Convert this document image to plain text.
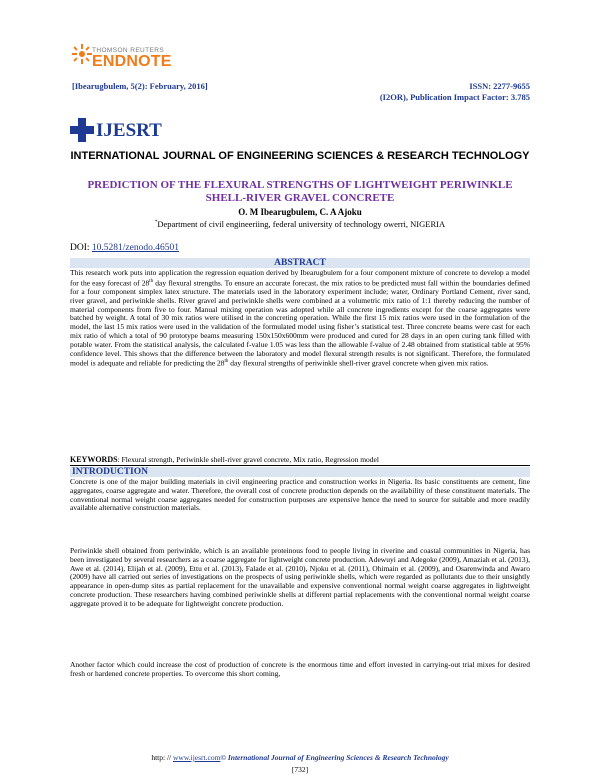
THOMSON REUTERS
ENDNOTE
[Ibearugbulem, 5(2): February, 2016]	ISSN: 2277-9655
(I2OR), Publication Impact Factor: 3.785
IJESRT
INTERNATIONAL JOURNAL OF ENGINEERING SCIENCES & RESEARCH TECHNOLOGY
PREDICTION OF THE FLEXURAL STRENGTHS OF LIGHTWEIGHT PERIWINKLE SHELL-RIVER GRAVEL CONCRETE
O. M Ibearugbulem, C. A Ajoku
*Department of civil engineeriing, federal university of technology owerri, NIGERIA
DOI: 10.5281/zenodo.46501
ABSTRACT
This research work puts into application the regression equation derived by Ibearugbulem for a four component mixture of concrete to develop a model for the easy forecast of 28th day flexural strengths. To ensure an accurate forecast, the mix ratios to be predicted must fall within the boundaries defined for a four component simplex latex structure. The materials used in the laboratory experiment include; water, Ordinary Portland Cement, river sand, river gravel, and periwinkle shells. River gravel and periwinkle shells were combined at a volumetric mix ratio of 1:1 thereby reducing the number of material components from five to four. Manual mixing operation was adopted while all concrete ingredients except for the coarse aggregates were batched by weight. A total of 30 mix ratios were utilised in the concreting operation. While the first 15 mix ratios were used in the formulation of the model, the last 15 mix ratios were used in the validation of the formulated model using fisher’s statistical test. Three concrete beams were cast for each mix ratio of which a total of 90 prototype beams measuring 150x150x600mm were produced and cured for 28 days in an open curing tank filled with potable water. From the statistical analysis, the calculated f-value 1.05 was less than the allowable f-value of 2.48 obtained from statistical table at 95% confidence level. This shows that the difference between the laboratory and model flexural strength results is not significant. Therefore, the formulated model is adequate and reliable for predicting the 28th day flexural strengths of periwinkle shell-river gravel concrete when given mix ratios.
KEYWORDS: Flexural strength, Periwinkle shell-river gravel concrete, Mix ratio, Regression model
INTRODUCTION
Concrete is one of the major building materials in civil engineering practice and construction works in Nigeria. Its basic constituents are cement, fine aggregates, coarse aggregate and water. Therefore, the overall cost of concrete production depends on the availability of these constituent materials. The conventional normal weight coarse aggregates needed for construction purposes are expensive hence the need to source for suitable and more readily available alternative construction materials.
Periwinkle shell obtained from periwinkle, which is an available proteinous food to people living in riverine and coastal communities in Nigeria, has been investigated by several researchers as a coarse aggregate for lightweight concrete production. Adewuyi and Adegoke (2009), Amaziah et al. (2013), Awe et al. (2014), Elijah et al. (2009), Ettu et al. (2013), Falade et al. (2010), Njoku et al. (2011), Ohimain et al. (2009), and Osarenwinda and Awaro (2009) have all carried out series of investigations on the prospects of using periwinkle shells, which were regarded as pollutants due to their unsightly appearance in open-dump sites as partial replacement for the unavailable and expensive conventional normal weight coarse aggregates in lightweight concrete production. These researchers having combined periwinkle shells at different partial replacements with the conventional normal weight coarse aggregate proved it to be adequate for lightweight concrete production.
Another factor which could increase the cost of production of concrete is the enormous time and effort invested in carrying-out trial mixes for desired fresh or hardened concrete properties. To overcome this short coming,
http: // www.ijesrt.com© International Journal of Engineering Sciences & Research Technology
[732]
